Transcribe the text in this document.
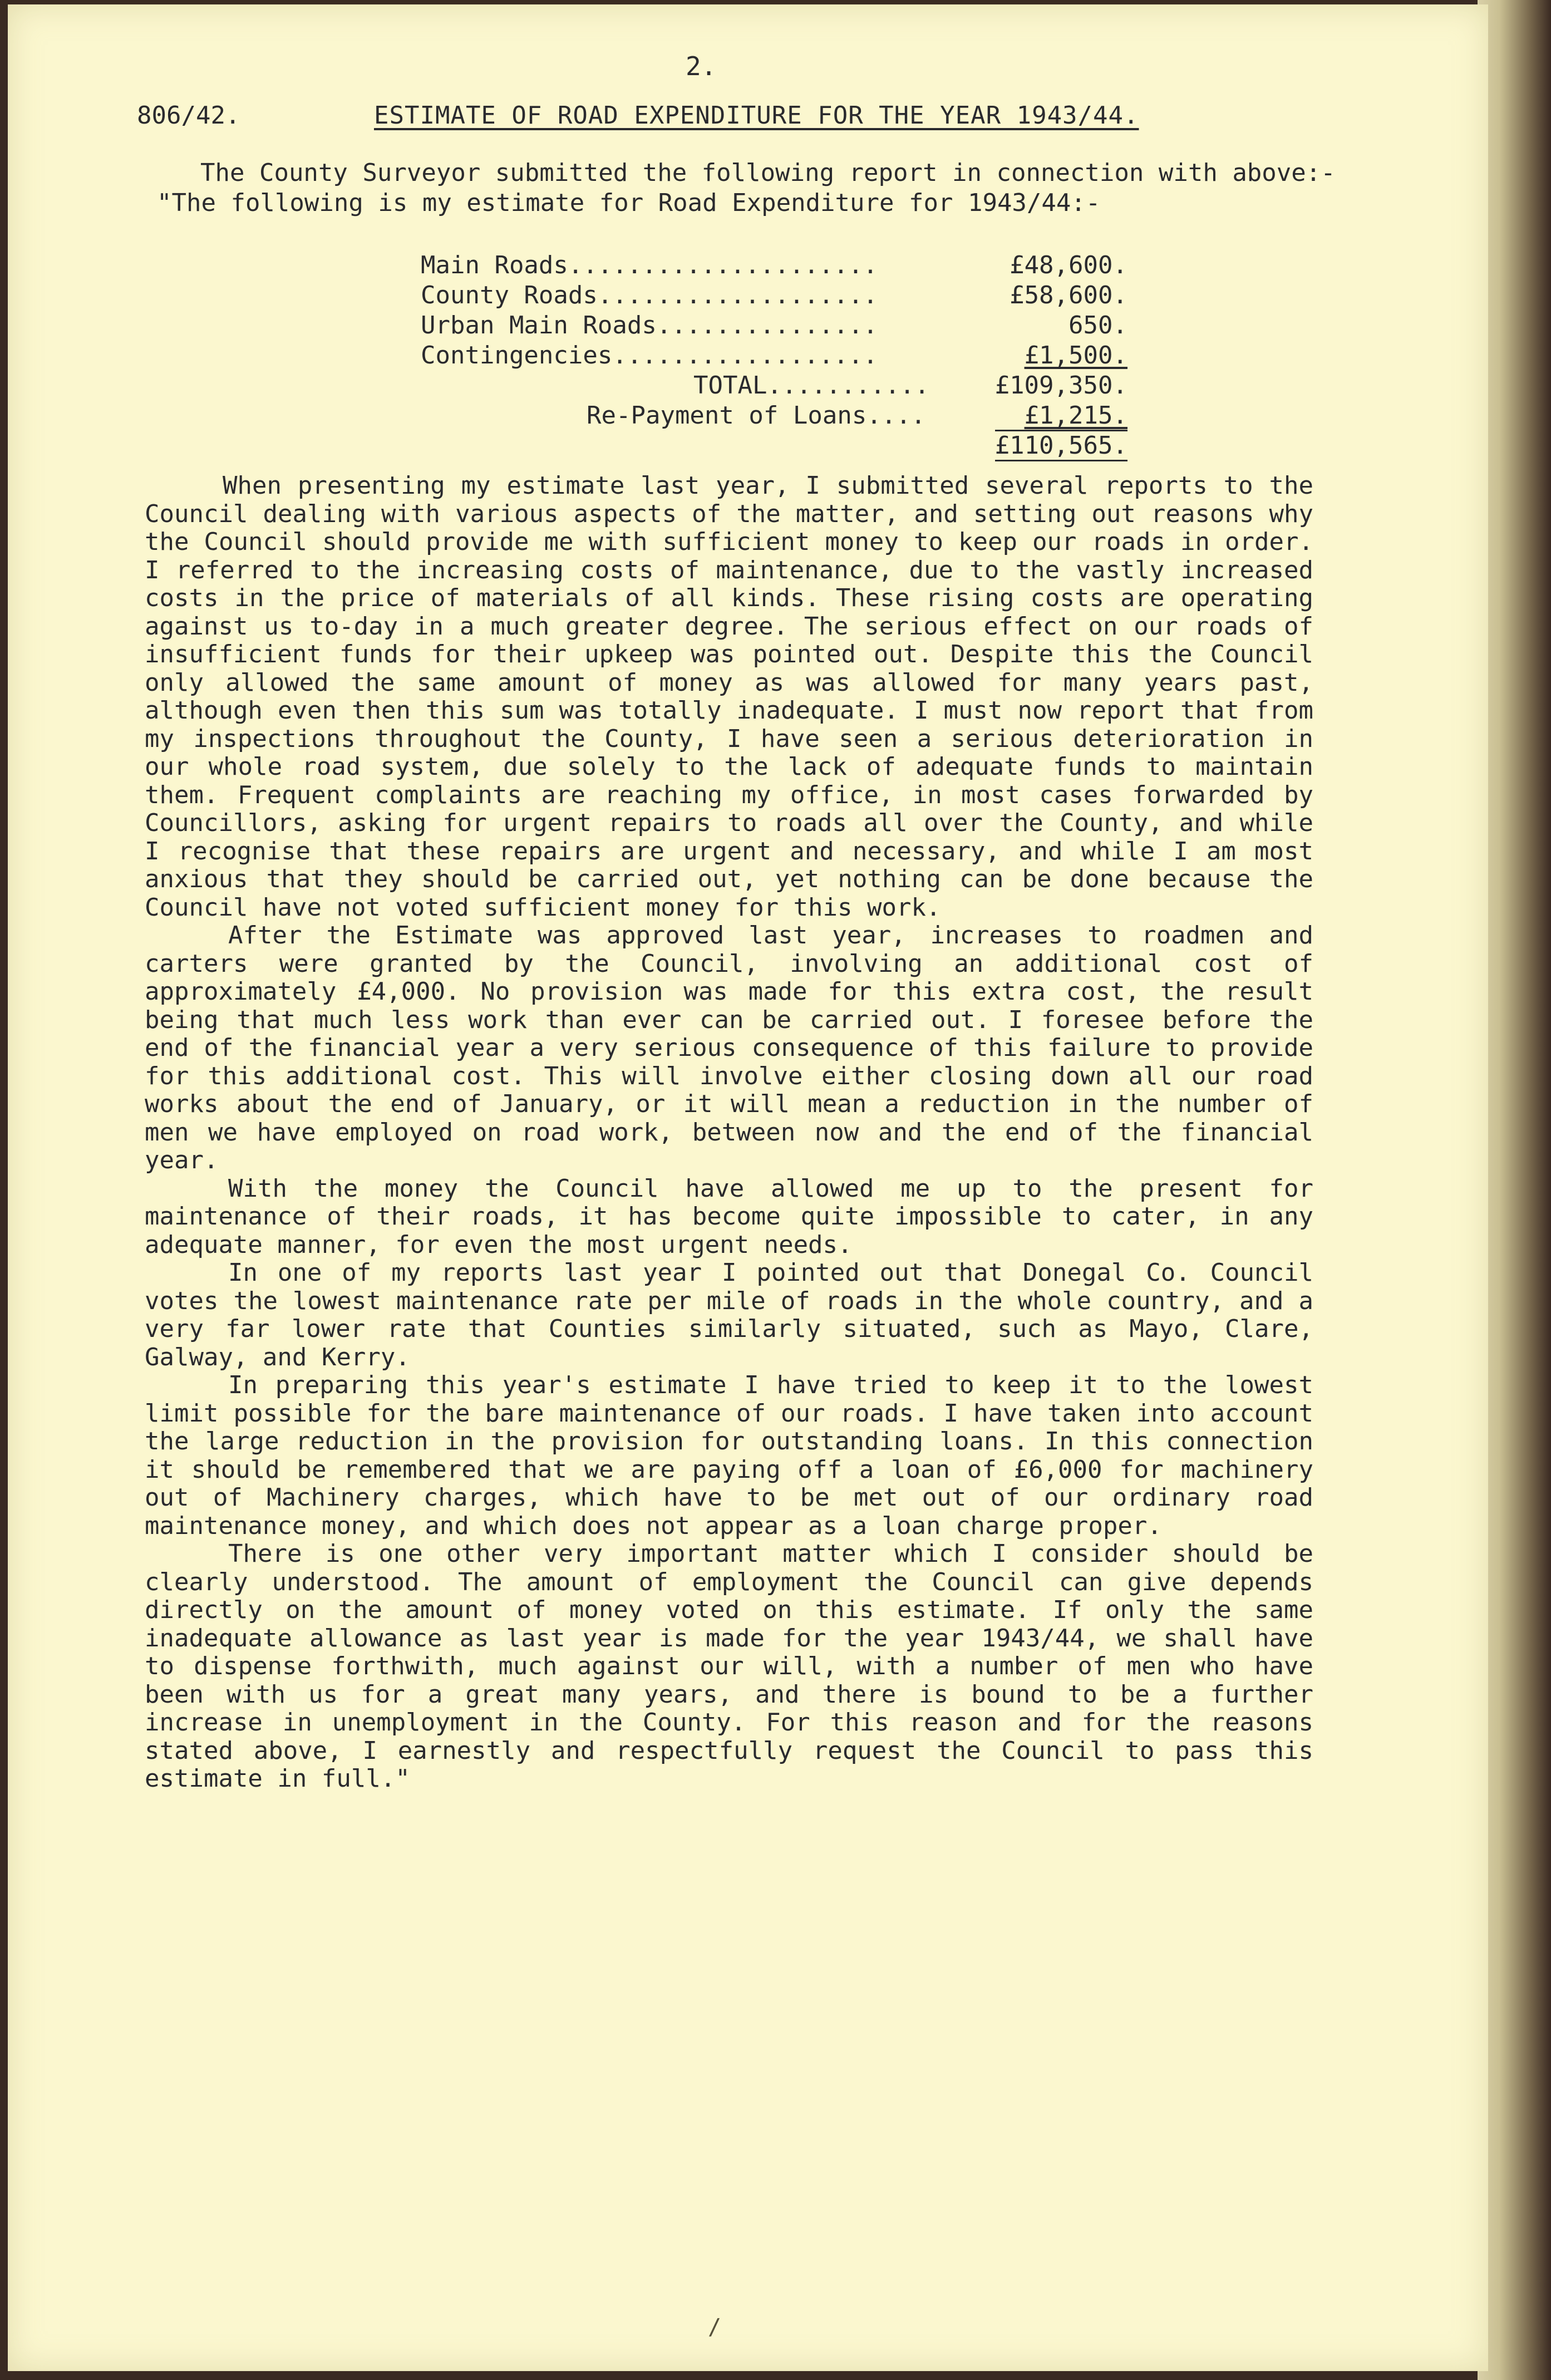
2.
806/42.	ESTIMATE OF ROAD EXPENDITURE FOR THE YEAR 1943/44.

The County Surveyor submitted the following report in connection with above:-

"The following is my estimate for Road Expenditure for 1943/44:-

Main Roads.....................	£48,600.
County Roads...................	£58,600.
Urban Main Roads...............	650.
Contingencies..................	£1,500.
TOTAL...........	£109,350.
Re-Payment of Loans....	£1,215.
£110,565.

When presenting my estimate last year, I submitted several reports to the Council dealing with various aspects of the matter, and setting out reasons why the Council should provide me with sufficient money to keep our roads in order. I referred to the increasing costs of maintenance, due to the vastly increased costs in the price of materials of all kinds. These rising costs are operating against us to-day in a much greater degree. The serious effect on our roads of insufficient funds for their upkeep was pointed out. Despite this the Council only allowed the same amount of money as was allowed for many years past, although even then this sum was totally inadequate. I must now report that from my inspections throughout the County, I have seen a serious deterioration in our whole road system, due solely to the lack of adequate funds to maintain them. Frequent complaints are reaching my office, in most cases forwarded by Councillors, asking for urgent repairs to roads all over the County, and while I recognise that these repairs are urgent and necessary, and while I am most anxious that they should be carried out, yet nothing can be done because the Council have not voted sufficient money for this work.

After the Estimate was approved last year, increases to roadmen and carters were granted by the Council, involving an additional cost of approximately £4,000. No provision was made for this extra cost, the result being that much less work than ever can be carried out. I foresee before the end of the financial year a very serious consequence of this failure to provide for this additional cost. This will involve either closing down all our road works about the end of January, or it will mean a reduction in the number of men we have employed on road work, between now and the end of the financial year.

With the money the Council have allowed me up to the present for maintenance of their roads, it has become quite impossible to cater, in any adequate manner, for even the most urgent needs.

In one of my reports last year I pointed out that Donegal Co. Council votes the lowest maintenance rate per mile of roads in the whole country, and a very far lower rate that Counties similarly situated, such as Mayo, Clare, Galway, and Kerry.

In preparing this year's estimate I have tried to keep it to the lowest limit possible for the bare maintenance of our roads. I have taken into account the large reduction in the provision for outstanding loans. In this connection it should be remembered that we are paying off a loan of £6,000 for machinery out of Machinery charges, which have to be met out of our ordinary road maintenance money, and which does not appear as a loan charge proper.

There is one other very important matter which I consider should be clearly understood. The amount of employment the Council can give depends directly on the amount of money voted on this estimate. If only the same inadequate allowance as last year is made for the year 1943/44, we shall have to dispense forthwith, much against our will, with a number of men who have been with us for a great many years, and there is bound to be a further increase in unemployment in the County. For this reason and for the reasons stated above, I earnestly and respectfully request the Council to pass this estimate in full."

∕
